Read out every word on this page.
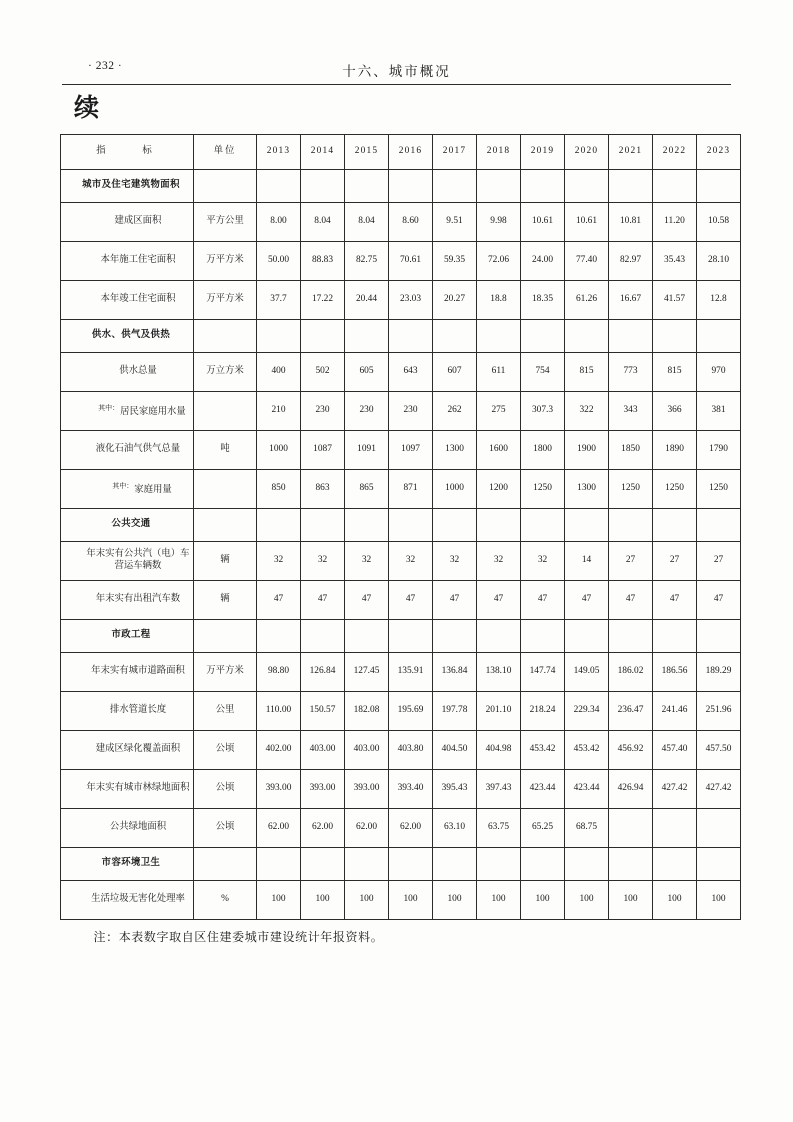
· 232 ·	十六、城市概况
续
指　　标	单位	2013	2014	2015	2016	2017	2018	2019	2020	2021	2022	2023
城市及住宅建筑物面积												
建成区面积	平方公里	8.00	8.04	8.04	8.60	9.51	9.98	10.61	10.61	10.81	11.20	10.58
本年施工住宅面积	万平方米	50.00	88.83	82.75	70.61	59.35	72.06	24.00	77.40	82.97	35.43	28.10
本年竣工住宅面积	万平方米	37.7	17.22	20.44	23.03	20.27	18.8	18.35	61.26	16.67	41.57	12.8
供水、供气及供热												
供水总量	万立方米	400	502	605	643	607	611	754	815	773	815	970
$^{其中:}$居民家庭用水量		210	230	230	230	262	275	307.3	322	343	366	381
液化石油气供气总量	吨	1000	1087	1091	1097	1300	1600	1800	1900	1850	1890	1790
$^{其中:}$家庭用量		850	863	865	871	1000	1200	1250	1300	1250	1250	1250
公共交通												
年末实有公共汽（电）车营运车辆数	辆	32	32	32	32	32	32	32	14	27	27	27
年末实有出租汽车数	辆	47	47	47	47	47	47	47	47	47	47	47
市政工程												
年末实有城市道路面积	万平方米	98.80	126.84	127.45	135.91	136.84	138.10	147.74	149.05	186.02	186.56	189.29
排水管道长度	公里	110.00	150.57	182.08	195.69	197.78	201.10	218.24	229.34	236.47	241.46	251.96
建成区绿化覆盖面积	公顷	402.00	403.00	403.00	403.80	404.50	404.98	453.42	453.42	456.92	457.40	457.50
年末实有城市林绿地面积	公顷	393.00	393.00	393.00	393.40	395.43	397.43	423.44	423.44	426.94	427.42	427.42
公共绿地面积	公顷	62.00	62.00	62.00	62.00	63.10	63.75	65.25	68.75			
市容环境卫生												
生活垃圾无害化处理率	%	100	100	100	100	100	100	100	100	100	100	100
注：本表数字取自区住建委城市建设统计年报资料。
